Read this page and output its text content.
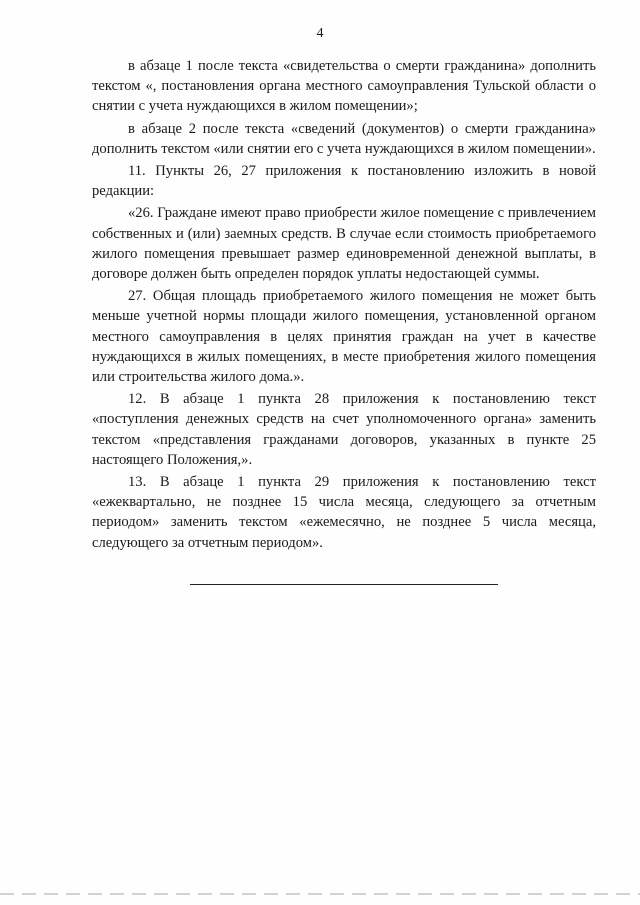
4

в абзаце 1 после текста «свидетельства о смерти гражданина» дополнить текстом «, постановления органа местного самоуправления Тульской области о снятии с учета нуждающихся в жилом помещении»;

в абзаце 2 после текста «сведений (документов) о смерти гражданина» дополнить текстом «или снятии его с учета нуждающихся в жилом помещении».

11. Пункты 26, 27 приложения к постановлению изложить в новой редакции:

«26. Граждане имеют право приобрести жилое помещение с привлечением собственных и (или) заемных средств. В случае если стоимость приобретаемого жилого помещения превышает размер единовременной денежной выплаты, в договоре должен быть определен порядок уплаты недостающей суммы.

27. Общая площадь приобретаемого жилого помещения не может быть меньше учетной нормы площади жилого помещения, установленной органом местного самоуправления в целях принятия граждан на учет в качестве нуждающихся в жилых помещениях, в месте приобретения жилого помещения или строительства жилого дома.».

12. В абзаце 1 пункта 28 приложения к постановлению текст «поступления денежных средств на счет уполномоченного органа» заменить текстом «представления гражданами договоров, указанных в пункте 25 настоящего Положения,».

13. В абзаце 1 пункта 29 приложения к постановлению текст «ежеквартально, не позднее 15 числа месяца, следующего за отчетным периодом» заменить текстом «ежемесячно, не позднее 5 числа месяца, следующего за отчетным периодом».
